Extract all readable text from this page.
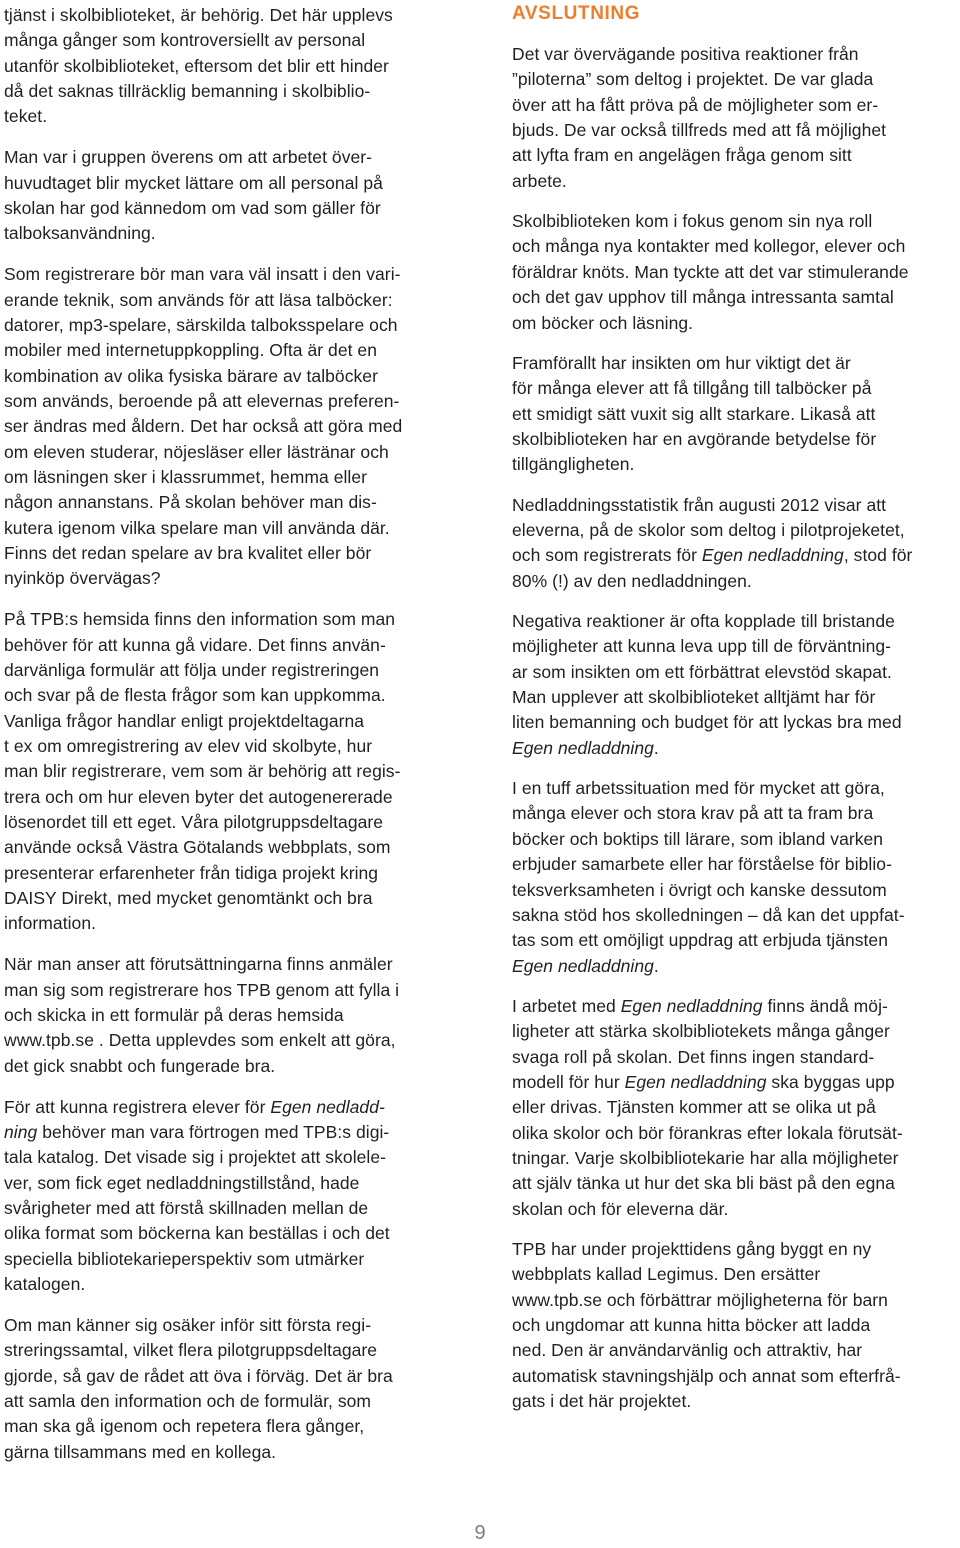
tjänst i skolbiblioteket, är behörig. Det här upplevs
många gånger som kontroversiellt av personal
utanför skolbiblioteket, eftersom det blir ett hinder
då det saknas tillräcklig bemanning i skolbiblio-
teket.
Man var i gruppen överens om att arbetet över-
huvudtaget blir mycket lättare om all personal på
skolan har god kännedom om vad som gäller för
talboksanvändning.
Som registrerare bör man vara väl insatt i den vari-
erande teknik, som används för att läsa talböcker:
datorer, mp3-spelare, särskilda talboksspelare och
mobiler med internetuppkoppling. Ofta är det en
kombination av olika fysiska bärare av talböcker
som används, beroende på att elevernas preferen-
ser ändras med åldern. Det har också att göra med
om eleven studerar, nöjesläser eller lästränar och
om läsningen sker i klassrummet, hemma eller
någon annanstans. På skolan behöver man dis-
kutera igenom vilka spelare man vill använda där.
Finns det redan spelare av bra kvalitet eller bör
nyinköp övervägas?
På TPB:s hemsida finns den information som man
behöver för att kunna gå vidare. Det finns använ-
darvänliga formulär att följa under registreringen
och svar på de flesta frågor som kan uppkomma.
Vanliga frågor handlar enligt projektdeltagarna
t ex om omregistrering av elev vid skolbyte, hur
man blir registrerare, vem som är behörig att regis-
trera och om hur eleven byter det autogenererade
lösenordet till ett eget. Våra pilotgruppsdeltagare
använde också Västra Götalands webbplats, som
presenterar erfarenheter från tidiga projekt kring
DAISY Direkt, med mycket genomtänkt och bra
information.
När man anser att förutsättningarna finns anmäler
man sig som registrerare hos TPB genom att fylla i
och skicka in ett formulär på deras hemsida
www.tpb.se . Detta upplevdes som enkelt att göra,
det gick snabbt och fungerade bra.
För att kunna registrera elever för Egen nedladd-
ning behöver man vara förtrogen med TPB:s digi-
tala katalog. Det visade sig i projektet att skolele-
ver, som fick eget nedladdningstillstånd, hade
svårigheter med att förstå skillnaden mellan de
olika format som böckerna kan beställas i och det
speciella bibliotekarieperspektiv som utmärker
katalogen.
Om man känner sig osäker inför sitt första regi-
streringssamtal, vilket flera pilotgruppsdeltagare
gjorde, så gav de rådet att öva i förväg. Det är bra
att samla den information och de formulär, som
man ska gå igenom och repetera flera gånger,
gärna tillsammans med en kollega.
AVSLUTNING
Det var övervägande positiva reaktioner från
”piloterna” som deltog i projektet. De var glada
över att ha fått pröva på de möjligheter som er-
bjuds. De var också tillfreds med att få möjlighet
att lyfta fram en angelägen fråga genom sitt
arbete.
Skolbiblioteken kom i fokus genom sin nya roll
och många nya kontakter med kollegor, elever och
föräldrar knöts. Man tyckte att det var stimulerande
och det gav upphov till många intressanta samtal
om böcker och läsning.
Framförallt har insikten om hur viktigt det är
för många elever att få tillgång till talböcker på
ett smidigt sätt vuxit sig allt starkare. Likaså att
skolbiblioteken har en avgörande betydelse för
tillgängligheten.
Nedladdningsstatistik från augusti 2012 visar att
eleverna, på de skolor som deltog i pilotprojeketet,
och som registrerats för Egen nedladdning, stod för
80% (!) av den nedladdningen.
Negativa reaktioner är ofta kopplade till bristande
möjligheter att kunna leva upp till de förväntning-
ar som insikten om ett förbättrat elevstöd skapat.
Man upplever att skolbiblioteket alltjämt har för
liten bemanning och budget för att lyckas bra med
Egen nedladdning.
I en tuff arbetssituation med för mycket att göra,
många elever och stora krav på att ta fram bra
böcker och boktips till lärare, som ibland varken
erbjuder samarbete eller har förståelse för biblio-
teksverksamheten i övrigt och kanske dessutom
sakna stöd hos skolledningen – då kan det uppfat-
tas som ett omöjligt uppdrag att erbjuda tjänsten
Egen nedladdning.
I arbetet med Egen nedladdning finns ändå möj-
ligheter att stärka skolbibliotekets många gånger
svaga roll på skolan. Det finns ingen standard-
modell för hur Egen nedladdning ska byggas upp
eller drivas. Tjänsten kommer att se olika ut på
olika skolor och bör förankras efter lokala förutsät-
tningar. Varje skolbibliotekarie har alla möjligheter
att själv tänka ut hur det ska bli bäst på den egna
skolan och för eleverna där.
TPB har under projekttidens gång byggt en ny
webbplats kallad Legimus. Den ersätter
www.tpb.se och förbättrar möjligheterna för barn
och ungdomar att kunna hitta böcker att ladda
ned. Den är användarvänlig och attraktiv, har
automatisk stavningshjälp och annat som efterfrå-
gats i det här projektet.
9
